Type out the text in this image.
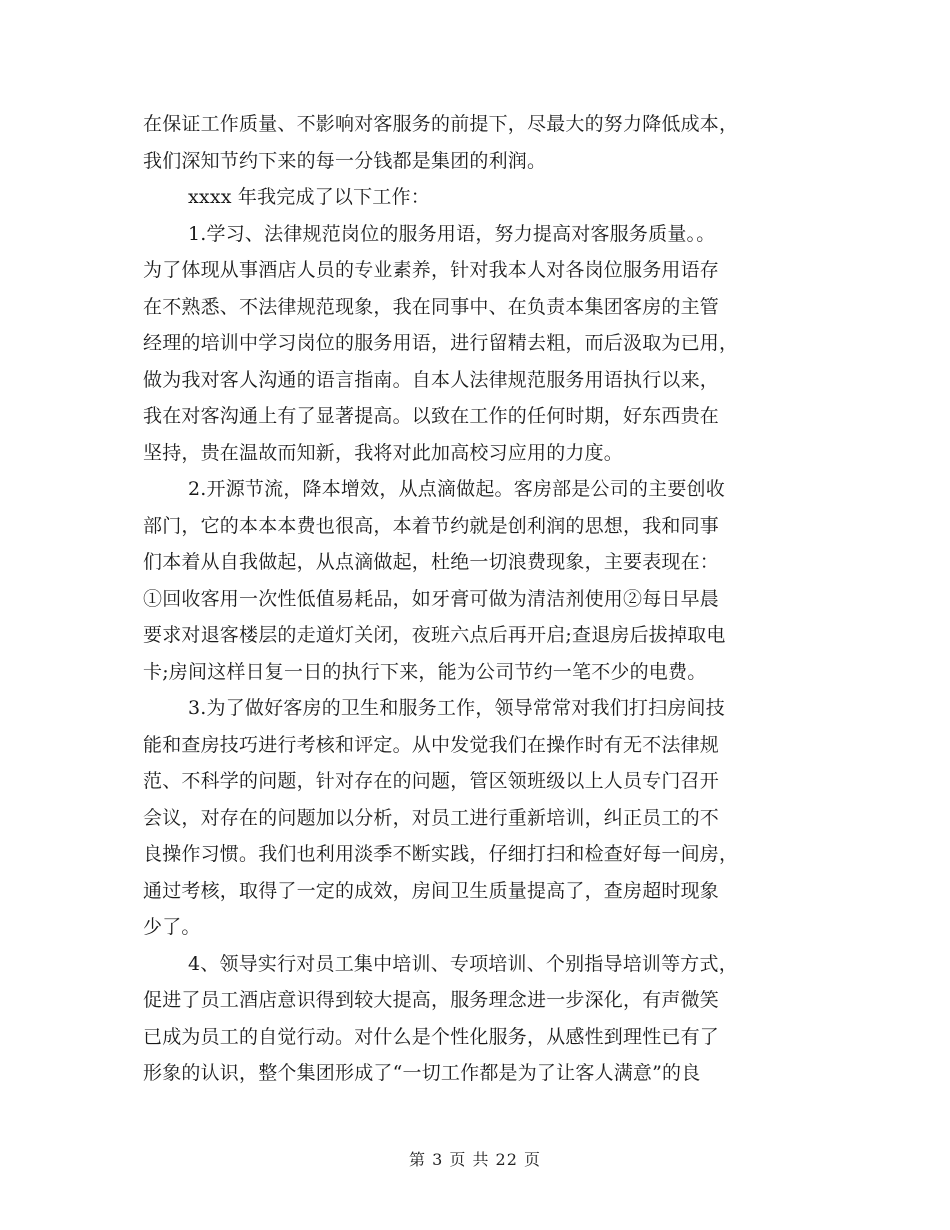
在保证工作质量、不影响对客服务的前提下，尽最大的努力降低成本，
我们深知节约下来的每一分钱都是集团的利润。
xxxx 年我完成了以下工作：
1.学习、法律规范岗位的服务用语，努力提高对客服务质量。。
为了体现从事酒店人员的专业素养，针对我本人对各岗位服务用语存
在不熟悉、不法律规范现象，我在同事中、在负责本集团客房的主管
经理的培训中学习岗位的服务用语，进行留精去粗，而后汲取为已用，
做为我对客人沟通的语言指南。自本人法律规范服务用语执行以来，
我在对客沟通上有了显著提高。以致在工作的任何时期，好东西贵在
坚持，贵在温故而知新，我将对此加高校习应用的力度。
2.开源节流，降本增效，从点滴做起。客房部是公司的主要创收
部门，它的本本本费也很高，本着节约就是创利润的思想，我和同事
们本着从自我做起，从点滴做起，杜绝一切浪费现象，主要表现在：
①回收客用一次性低值易耗品，如牙膏可做为清洁剂使用②每日早晨
要求对退客楼层的走道灯关闭，夜班六点后再开启;查退房后拔掉取电
卡;房间这样日复一日的执行下来，能为公司节约一笔不少的电费。
3.为了做好客房的卫生和服务工作，领导常常对我们打扫房间技
能和查房技巧进行考核和评定。从中发觉我们在操作时有无不法律规
范、不科学的问题，针对存在的问题，管区领班级以上人员专门召开
会议，对存在的问题加以分析，对员工进行重新培训，纠正员工的不
良操作习惯。我们也利用淡季不断实践，仔细打扫和检查好每一间房，
通过考核，取得了一定的成效，房间卫生质量提高了，查房超时现象
少了。
4、领导实行对员工集中培训、专项培训、个别指导培训等方式，
促进了员工酒店意识得到较大提高，服务理念进一步深化，有声微笑
已成为员工的自觉行动。对什么是个性化服务，从感性到理性已有了
形象的认识，整个集团形成了“一切工作都是为了让客人满意”的良
第 3 页 共 22 页
